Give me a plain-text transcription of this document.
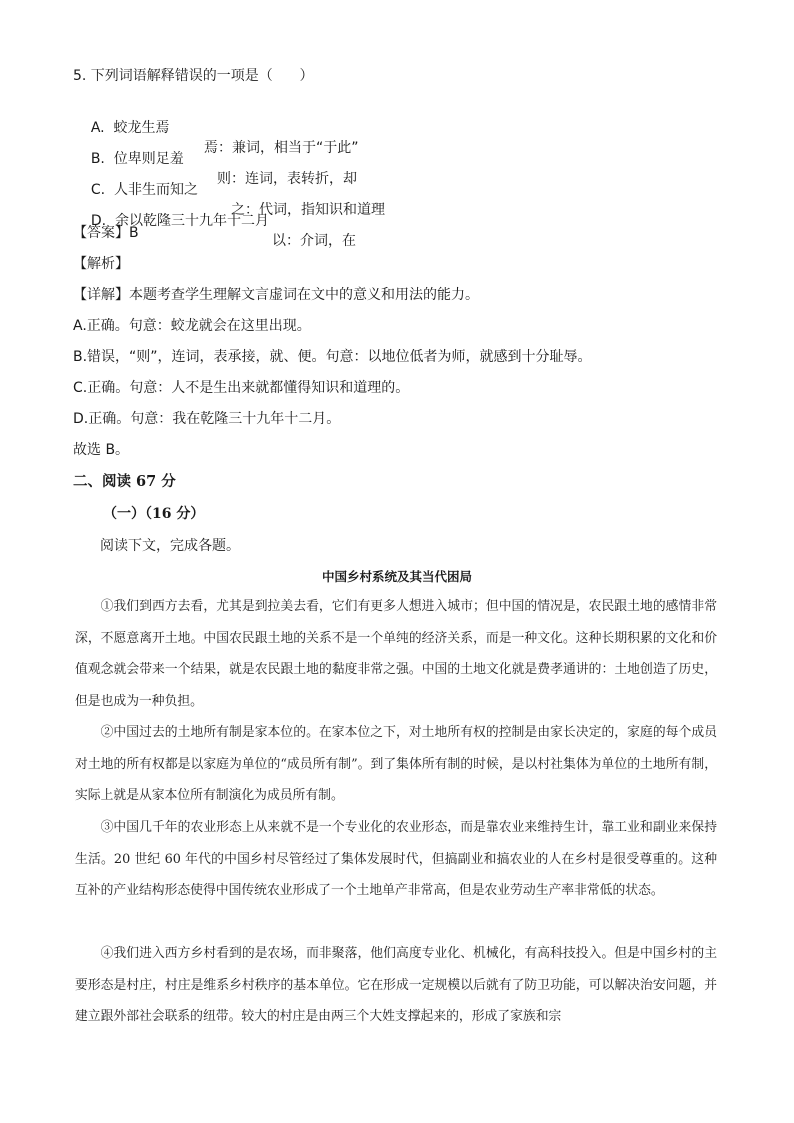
5. 下列词语解释错误的一项是（      ）

A.  蛟龙生焉

焉：兼词，相当于“于此”

B.  位卑则足羞

则：连词，表转折，却

C.  人非生而知之

之：代词，指知识和道理

D.  余以乾隆三十九年十二月

以：介词，在

【答案】B
【解析】
【详解】本题考查学生理解文言虚词在文中的意义和用法的能力。
A.正确。句意：蛟龙就会在这里出现。
B.错误，“则”，连词，表承接，就、便。句意：以地位低者为师，就感到十分耻辱。
C.正确。句意：人不是生出来就都懂得知识和道理的。
D.正确。句意：我在乾隆三十九年十二月。
故选 B。
二、阅读 67 分
（一）（16 分）
阅读下文，完成各题。
中国乡村系统及其当代困局
①我们到西方去看，尤其是到拉美去看，它们有更多人想进入城市；但中国的情况是，农民跟土地的感情非常深，不愿意离开土地。中国农民跟土地的关系不是一个单纯的经济关系，而是一种文化。这种长期积累的文化和价值观念就会带来一个结果，就是农民跟土地的黏度非常之强。中国的土地文化就是费孝通讲的：土地创造了历史，但是也成为一种负担。
②中国过去的土地所有制是家本位的。在家本位之下，对土地所有权的控制是由家长决定的，家庭的每个成员对土地的所有权都是以家庭为单位的“成员所有制”。到了集体所有制的时候，是以村社集体为单位的土地所有制，实际上就是从家本位所有制演化为成员所有制。
③中国几千年的农业形态上从来就不是一个专业化的农业形态，而是靠农业来维持生计，靠工业和副业来保持生活。20 世纪 60 年代的中国乡村尽管经过了集体发展时代，但搞副业和搞农业的人在乡村是很受尊重的。这种互补的产业结构形态使得中国传统农业形成了一个土地单产非常高，但是农业劳动生产率非常低的状态。
④我们进入西方乡村看到的是农场，而非聚落，他们高度专业化、机械化，有高科技投入。但是中国乡村的主要形态是村庄，村庄是维系乡村秩序的基本单位。它在形成一定规模以后就有了防卫功能，可以解决治安问题，并建立跟外部社会联系的纽带。较大的村庄是由两三个大姓支撑起来的，形成了家族和宗
